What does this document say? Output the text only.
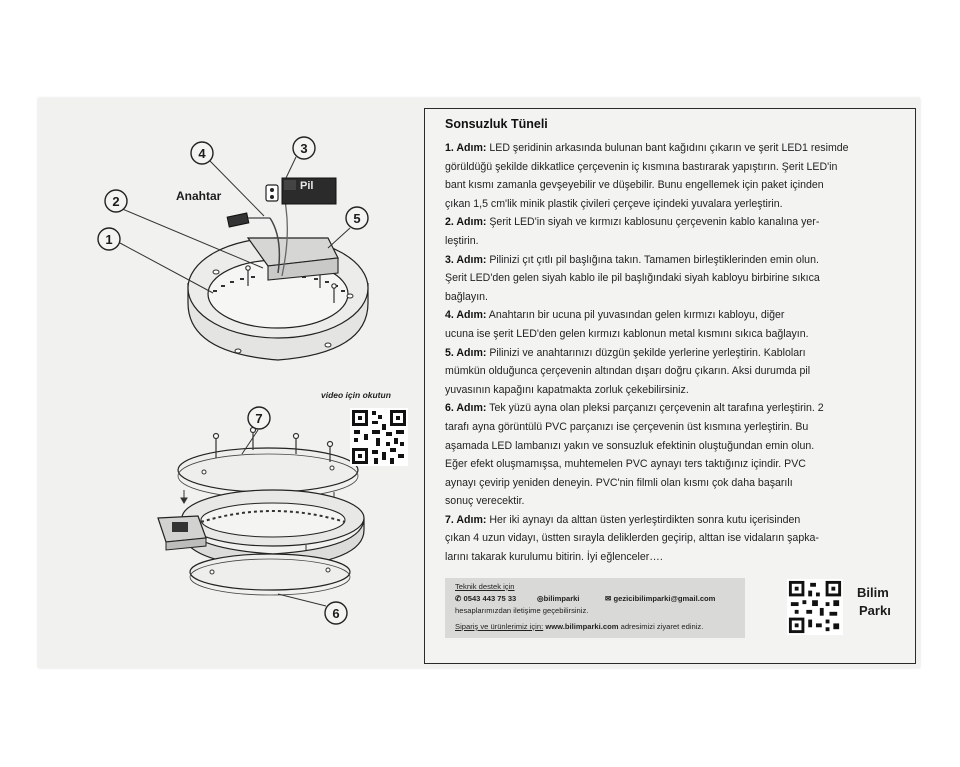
1
2
3
4
5
6
7
Anahtar
Pil
video için okutun
Sonsuzluk Tüneli
1. Adım: LED şeridinin arkasında bulunan bant kağıdını çıkarın ve şerit LED1 resimde
görüldüğü şekilde dikkatlice çerçevenin iç kısmına bastırarak yapıştırın. Şerit LED'in
bant kısmı zamanla gevşeyebilir ve düşebilir. Bunu engellemek için paket içinden
çıkan 1,5 cm'lik minik plastik çivileri çerçeve içindeki yuvalara yerleştirin.
2. Adım: Şerit LED'in siyah ve kırmızı kablosunu çerçevenin kablo kanalına yer-
leştirin.
3. Adım: Pilinizi çıt çıtlı pil başlığına takın. Tamamen birleştiklerinden emin olun.
Şerit LED'den gelen siyah kablo ile pil başlığındaki siyah kabloyu birbirine sıkıca
bağlayın.
4. Adım: Anahtarın bir ucuna pil yuvasından gelen kırmızı kabloyu, diğer
ucuna ise şerit LED'den gelen kırmızı kablonun metal kısmını sıkıca bağlayın.
5. Adım: Pilinizi ve anahtarınızı düzgün şekilde yerlerine yerleştirin. Kabloları
mümkün olduğunca çerçevenin altından dışarı doğru çıkarın. Aksi durumda pil
yuvasının kapağını kapatmakta zorluk çekebilirsiniz.
6. Adım: Tek yüzü ayna olan pleksi parçanızı çerçevenin alt tarafına yerleştirin. 2
tarafı ayna görüntülü PVC parçanızı ise çerçevenin üst kısmına yerleştirin. Bu
aşamada LED lambanızı yakın ve sonsuzluk efektinin oluştuğundan emin olun.
Eğer efekt oluşmamışsa, muhtemelen PVC aynayı ters taktığınız içindir. PVC
aynayı çevirip yeniden deneyin. PVC'nin filmli olan kısmı çok daha başarılı
sonuç verecektir.
7. Adım: Her iki aynayı da alttan üsten yerleştirdikten sonra kutu içerisinden
çıkan 4 uzun vidayı, üstten sırayla deliklerden geçirip, alttan ise vidaların şapka-
larını takarak kurulumu bitirin. İyi eğlenceler….
Teknik destek için
✆ 0543 443 75 33	◎bilimparki	✉ gezicibilimparki@gmail.com
hesaplarımızdan iletişime geçebilirsiniz.
Sipariş ve ürünlerimiz için: www.bilimparki.com adresimizi ziyaret ediniz.
Bilim
Parkı
